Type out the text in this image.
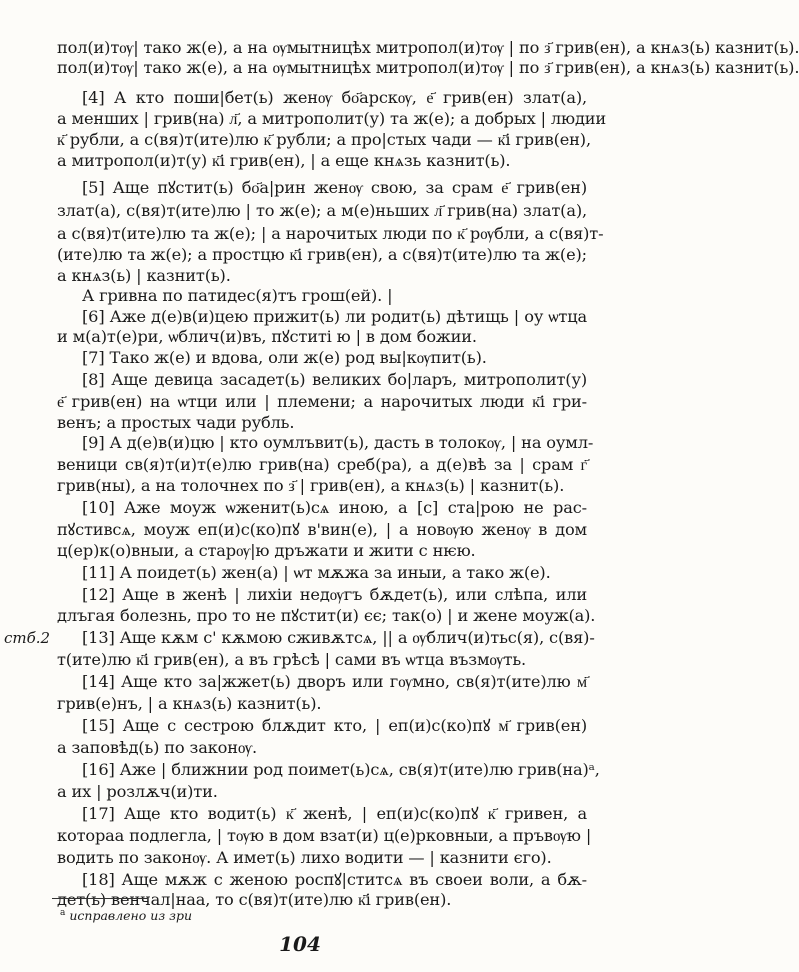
пол(и)тѹ| тако ж(е), а на ѹмытницѣх митропол(и)тѹ | по з҃ грив(ен), а кнѧз(ь) казнит(ь).
пол(и)тѹ| тако ж(е), а на ѹмытницѣх митропол(и)тѹ | по з҃ грив(ен), а кнѧз(ь) казнит(ь).
[4] А кто поши|бет(ь) женѹ бо҃арскѹ, е҃ грив(ен) злат(а),
а менших | грив(на) л҃, а митрополит(у) та ж(е); а добрых | людии
к҃ рубли, а с(вя)т(ите)лю к҃ рубли; а про|стых чади — к҃і грив(ен),
а митропол(и)т(у) к҃і грив(ен), | а еще кнѧзь казнит(ь).
[5] Аще пꙋстит(ь) бо҃а|рин женѹ свою, за срам е҃ грив(ен)
злат(а), с(вя)т(ите)лю | то ж(е); а м(е)ньших л҃ грив(на) злат(а),
а с(вя)т(ите)лю та ж(е); | а нарочитых люди по к҃ рѹбли, а с(вя)т-
(ите)лю та ж(е); а простцю к҃і грив(ен), а с(вя)т(ите)лю та ж(е);
а кнѧз(ь) | казнит(ь).
А гривна по патидес(я)тъ грош(ей). |
[6] Аже д(е)в(и)цею прижит(ь) ли родит(ь) дѣтищь | оу ѡтца
и м(а)т(е)ри, ѡблич(и)въ, пꙋститі ю | в дом божии.
[7] Тако ж(е) и вдова, оли ж(е) род вы|кѹпит(ь).
[8] Аще девица засадет(ь) великих бо|ларъ, митрополит(у)
е҃ грив(ен) на ѡтци или | племени; а нарочитых люди к҃і гри-
венъ; а простых чади рубль.
[9] А д(е)в(и)цю | кто оумлъвит(ь), дасть в толокѹ, | на оумл-
веници св(я)т(и)т(е)лю грив(на) среб(ра), а д(е)вѣ за | срам г҃
грив(ны), а на толочнех по з҃ | грив(ен), а кнѧз(ь) | казнит(ь).
[10] Аже моуж ѡженит(ь)сѧ иною, а [с] ста|рою не рас-
пꙋстивсѧ, моуж еп(и)с(ко)пꙋ в'вин(е), | а новѹю женѹ в дом
ц(ер)к(о)вныи, а старѹ|ю дръжати и жити с нѥю.
[11] А поидет(ь) жен(а) | ѡт мѫжа за иныи, а тако ж(е).
[12] Аще в женѣ | лихіи недѹгъ бѫдет(ь), или слѣпа, или
длъгая болезнь, про то не пꙋстит(и) єє; так(о) | и жене моуж(а).
стб.2 [13] Аще кѫм с' кѫмою сживѫтсѧ, || а ѹблич(и)тьс(я), с(вя)-
т(ите)лю к҃і грив(ен), а въ грѣсѣ | сами въ ѡтца възмѹть.
[14] Аще кто за|жжет(ь) дворъ или гѹмно, св(я)т(ите)лю м҃
грив(е)нъ, | а кнѧз(ь) казнит(ь).
[15] Аще с сестрою блѫдит кто, | еп(и)с(ко)пꙋ м҃ грив(ен)
а заповѣд(ь) по законѹ.
[16] Аже | ближнии род поимет(ь)сѧ, св(я)т(ите)лю грив(на)ᵃ,
а их | розлѫч(и)ти.
[17] Аще кто водит(ь) к҃ женѣ, | еп(и)с(ко)пꙋ к҃ гривен, а
котораа подлегла, | тѹю в дом взат(и) ц(е)рковныи, а пръвѹю |
водить по законѹ. А имет(ь) лихо водити — | казнити єго).
[18] Аще мѫж с женою роспꙋ|ститсѧ въ своеи воли, а бѫ-
дет(ь) венчал|наа, то с(вя)т(ите)лю к҃і грив(ен).
$^а$ исправлено из зри
104
